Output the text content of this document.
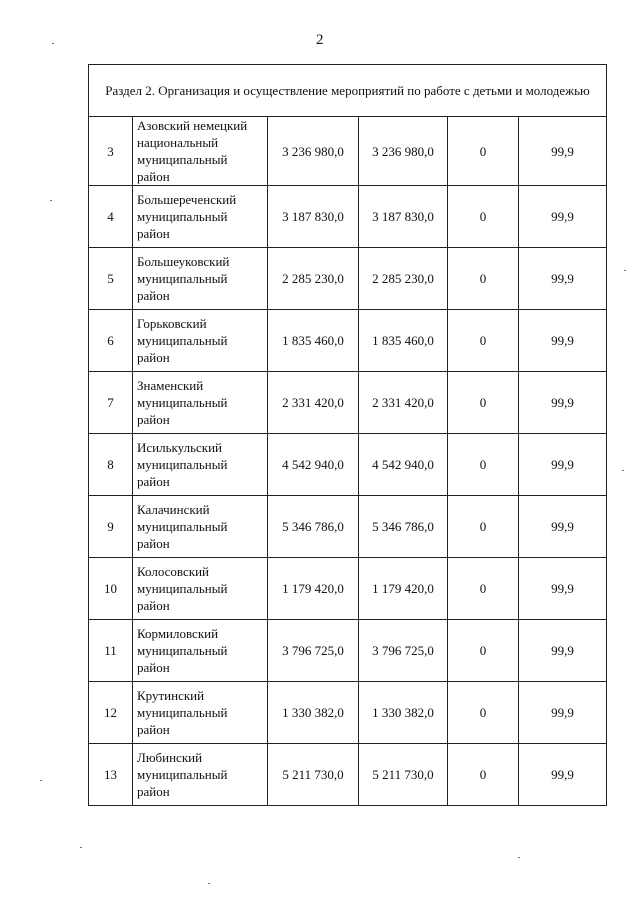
2
Раздел 2. Организация и осуществление мероприятий по работе с детьми и молодежью					
3	Азовский немецкий национальный муниципальный район	3 236 980,0	3 236 980,0	0	99,9
4	Большереченский муниципальный район	3 187 830,0	3 187 830,0	0	99,9
5	Большеуковский муниципальный район	2 285 230,0	2 285 230,0	0	99,9
6	Горьковский муниципальный район	1 835 460,0	1 835 460,0	0	99,9
7	Знаменский муниципальный район	2 331 420,0	2 331 420,0	0	99,9
8	Исилькульский муниципальный район	4 542 940,0	4 542 940,0	0	99,9
9	Калачинский муниципальный район	5 346 786,0	5 346 786,0	0	99,9
10	Колосовский муниципальный район	1 179 420,0	1 179 420,0	0	99,9
11	Кормиловский муниципальный район	3 796 725,0	3 796 725,0	0	99,9
12	Крутинский муниципальный район	1 330 382,0	1 330 382,0	0	99,9
13	Любинский муниципальный район	5 211 730,0	5 211 730,0	0	99,9
